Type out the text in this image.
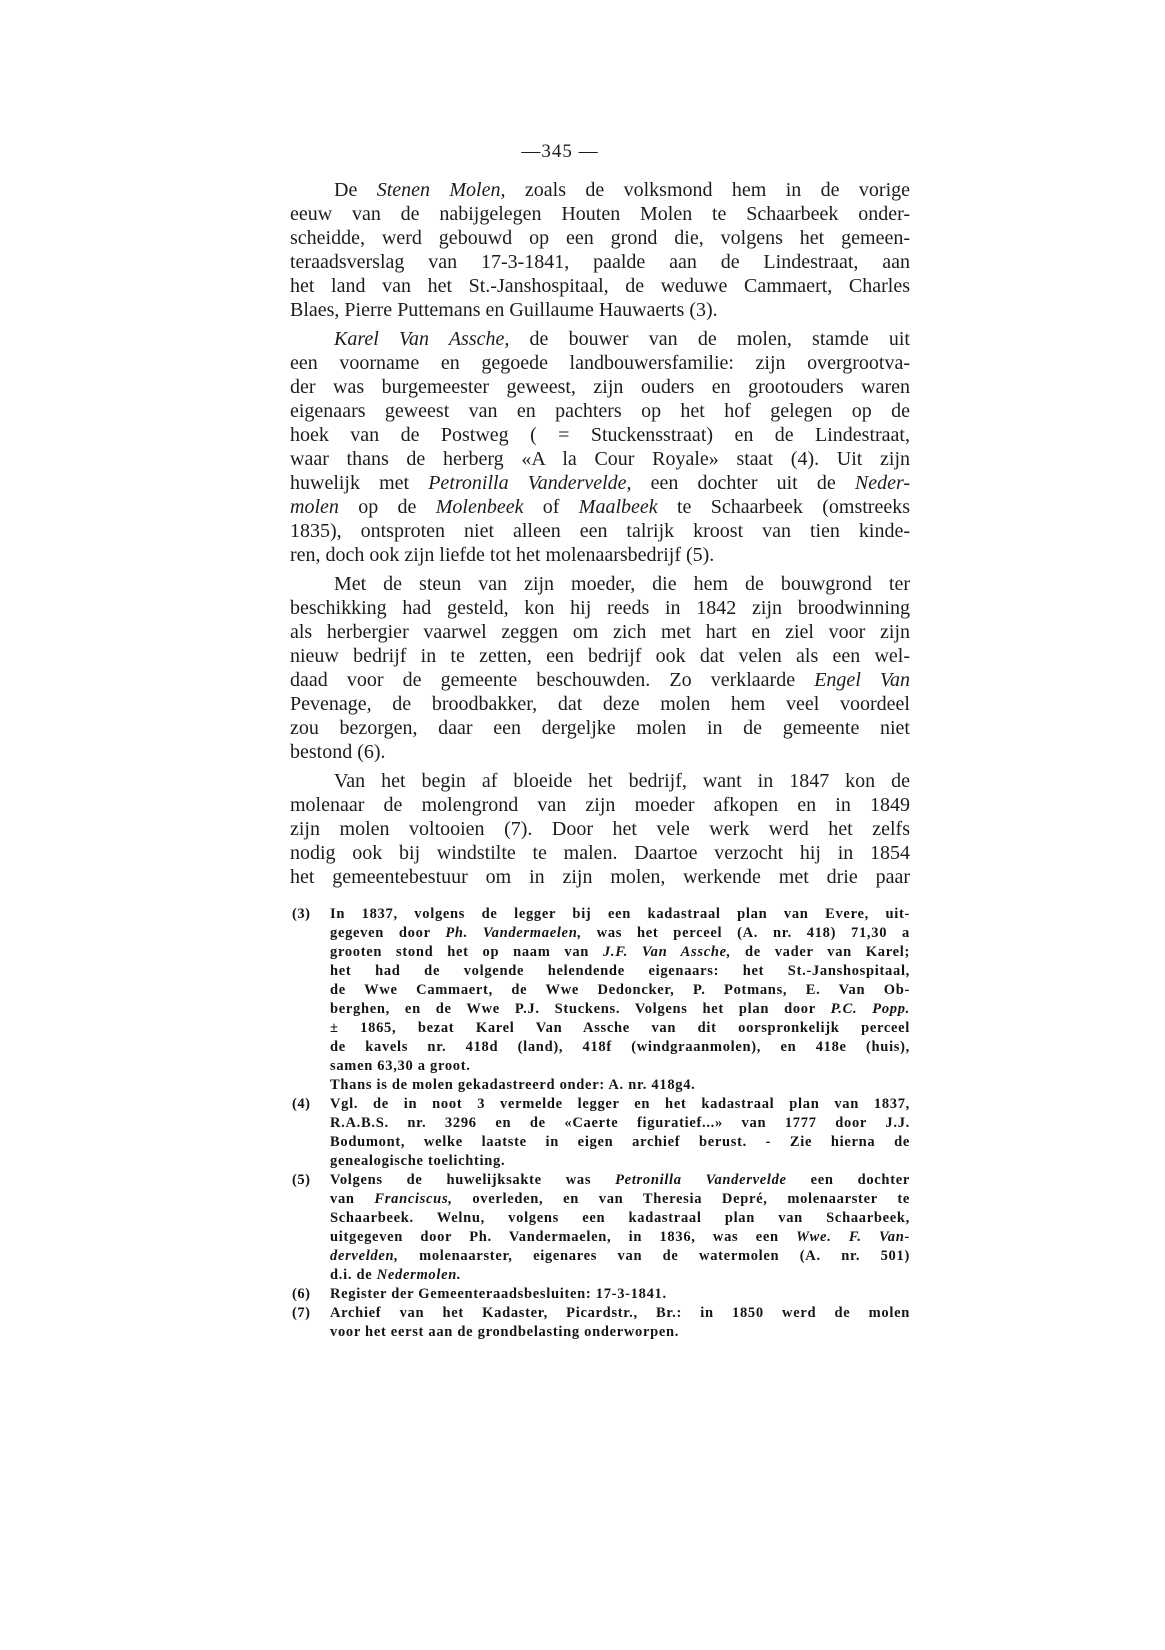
—345 —
De Stenen Molen, zoals de volksmond hem in de vorige
eeuw van de nabijgelegen Houten Molen te Schaarbeek onder-
scheidde, werd gebouwd op een grond die, volgens het gemeen-
teraadsverslag van 17-3-1841, paalde aan de Lindestraat, aan
het land van het St.-Janshospitaal, de weduwe Cammaert, Charles
Blaes, Pierre Puttemans en Guillaume Hauwaerts (3).
Karel Van Assche, de bouwer van de molen, stamde uit
een voorname en gegoede landbouwersfamilie: zijn overgrootva-
der was burgemeester geweest, zijn ouders en grootouders waren
eigenaars geweest van en pachters op het hof gelegen op de
hoek van de Postweg ( = Stuckensstraat) en de Lindestraat,
waar thans de herberg «A la Cour Royale» staat (4). Uit zijn
huwelijk met Petronilla Vandervelde, een dochter uit de Neder-
molen op de Molenbeek of Maalbeek te Schaarbeek (omstreeks
1835), ontsproten niet alleen een talrijk kroost van tien kinde-
ren, doch ook zijn liefde tot het molenaarsbedrijf (5).
Met de steun van zijn moeder, die hem de bouwgrond ter
beschikking had gesteld, kon hij reeds in 1842 zijn broodwinning
als herbergier vaarwel zeggen om zich met hart en ziel voor zijn
nieuw bedrijf in te zetten, een bedrijf ook dat velen als een wel-
daad voor de gemeente beschouwden. Zo verklaarde Engel Van
Pevenage, de broodbakker, dat deze molen hem veel voordeel
zou bezorgen, daar een dergeljke molen in de gemeente niet
bestond (6).
Van het begin af bloeide het bedrijf, want in 1847 kon de
molenaar de molengrond van zijn moeder afkopen en in 1849
zijn molen voltooien (7). Door het vele werk werd het zelfs
nodig ook bij windstilte te malen. Daartoe verzocht hij in 1854
het gemeentebestuur om in zijn molen, werkende met drie paar
(3)	In 1837, volgens de legger bij een kadastraal plan van Evere, uit-
gegeven door Ph. Vandermaelen, was het perceel (A. nr. 418) 71,30 a
grooten stond het op naam van J.F. Van Assche, de vader van Karel;
het had de volgende helendende eigenaars: het St.-Janshospitaal,
de Wwe Cammaert, de Wwe Dedoncker, P. Potmans, E. Van Ob-
berghen, en de Wwe P.J. Stuckens. Volgens het plan door P.C. Popp.
± 1865, bezat Karel Van Assche van dit oorspronkelijk perceel
de kavels nr. 418d (land), 418f (windgraanmolen), en 418e (huis),
samen 63,30 a groot.
Thans is de molen gekadastreerd onder: A. nr. 418g4.
(4)	Vgl. de in noot 3 vermelde legger en het kadastraal plan van 1837,
R.A.B.S. nr. 3296 en de «Caerte figuratief...» van 1777 door J.J.
Bodumont, welke laatste in eigen archief berust. - Zie hierna de
genealogische toelichting.
(5)	Volgens de huwelijksakte was Petronilla Vandervelde een dochter
van Franciscus, overleden, en van Theresia Depré, molenaarster te
Schaarbeek. Welnu, volgens een kadastraal plan van Schaarbeek,
uitgegeven door Ph. Vandermaelen, in 1836, was een Wwe. F. Van-
dervelden, molenaarster, eigenares van de watermolen (A. nr. 501)
d.i. de Nedermolen.
(6)	Register der Gemeenteraadsbesluiten: 17-3-1841.
(7)	Archief van het Kadaster, Picardstr., Br.: in 1850 werd de molen
voor het eerst aan de grondbelasting onderworpen.
